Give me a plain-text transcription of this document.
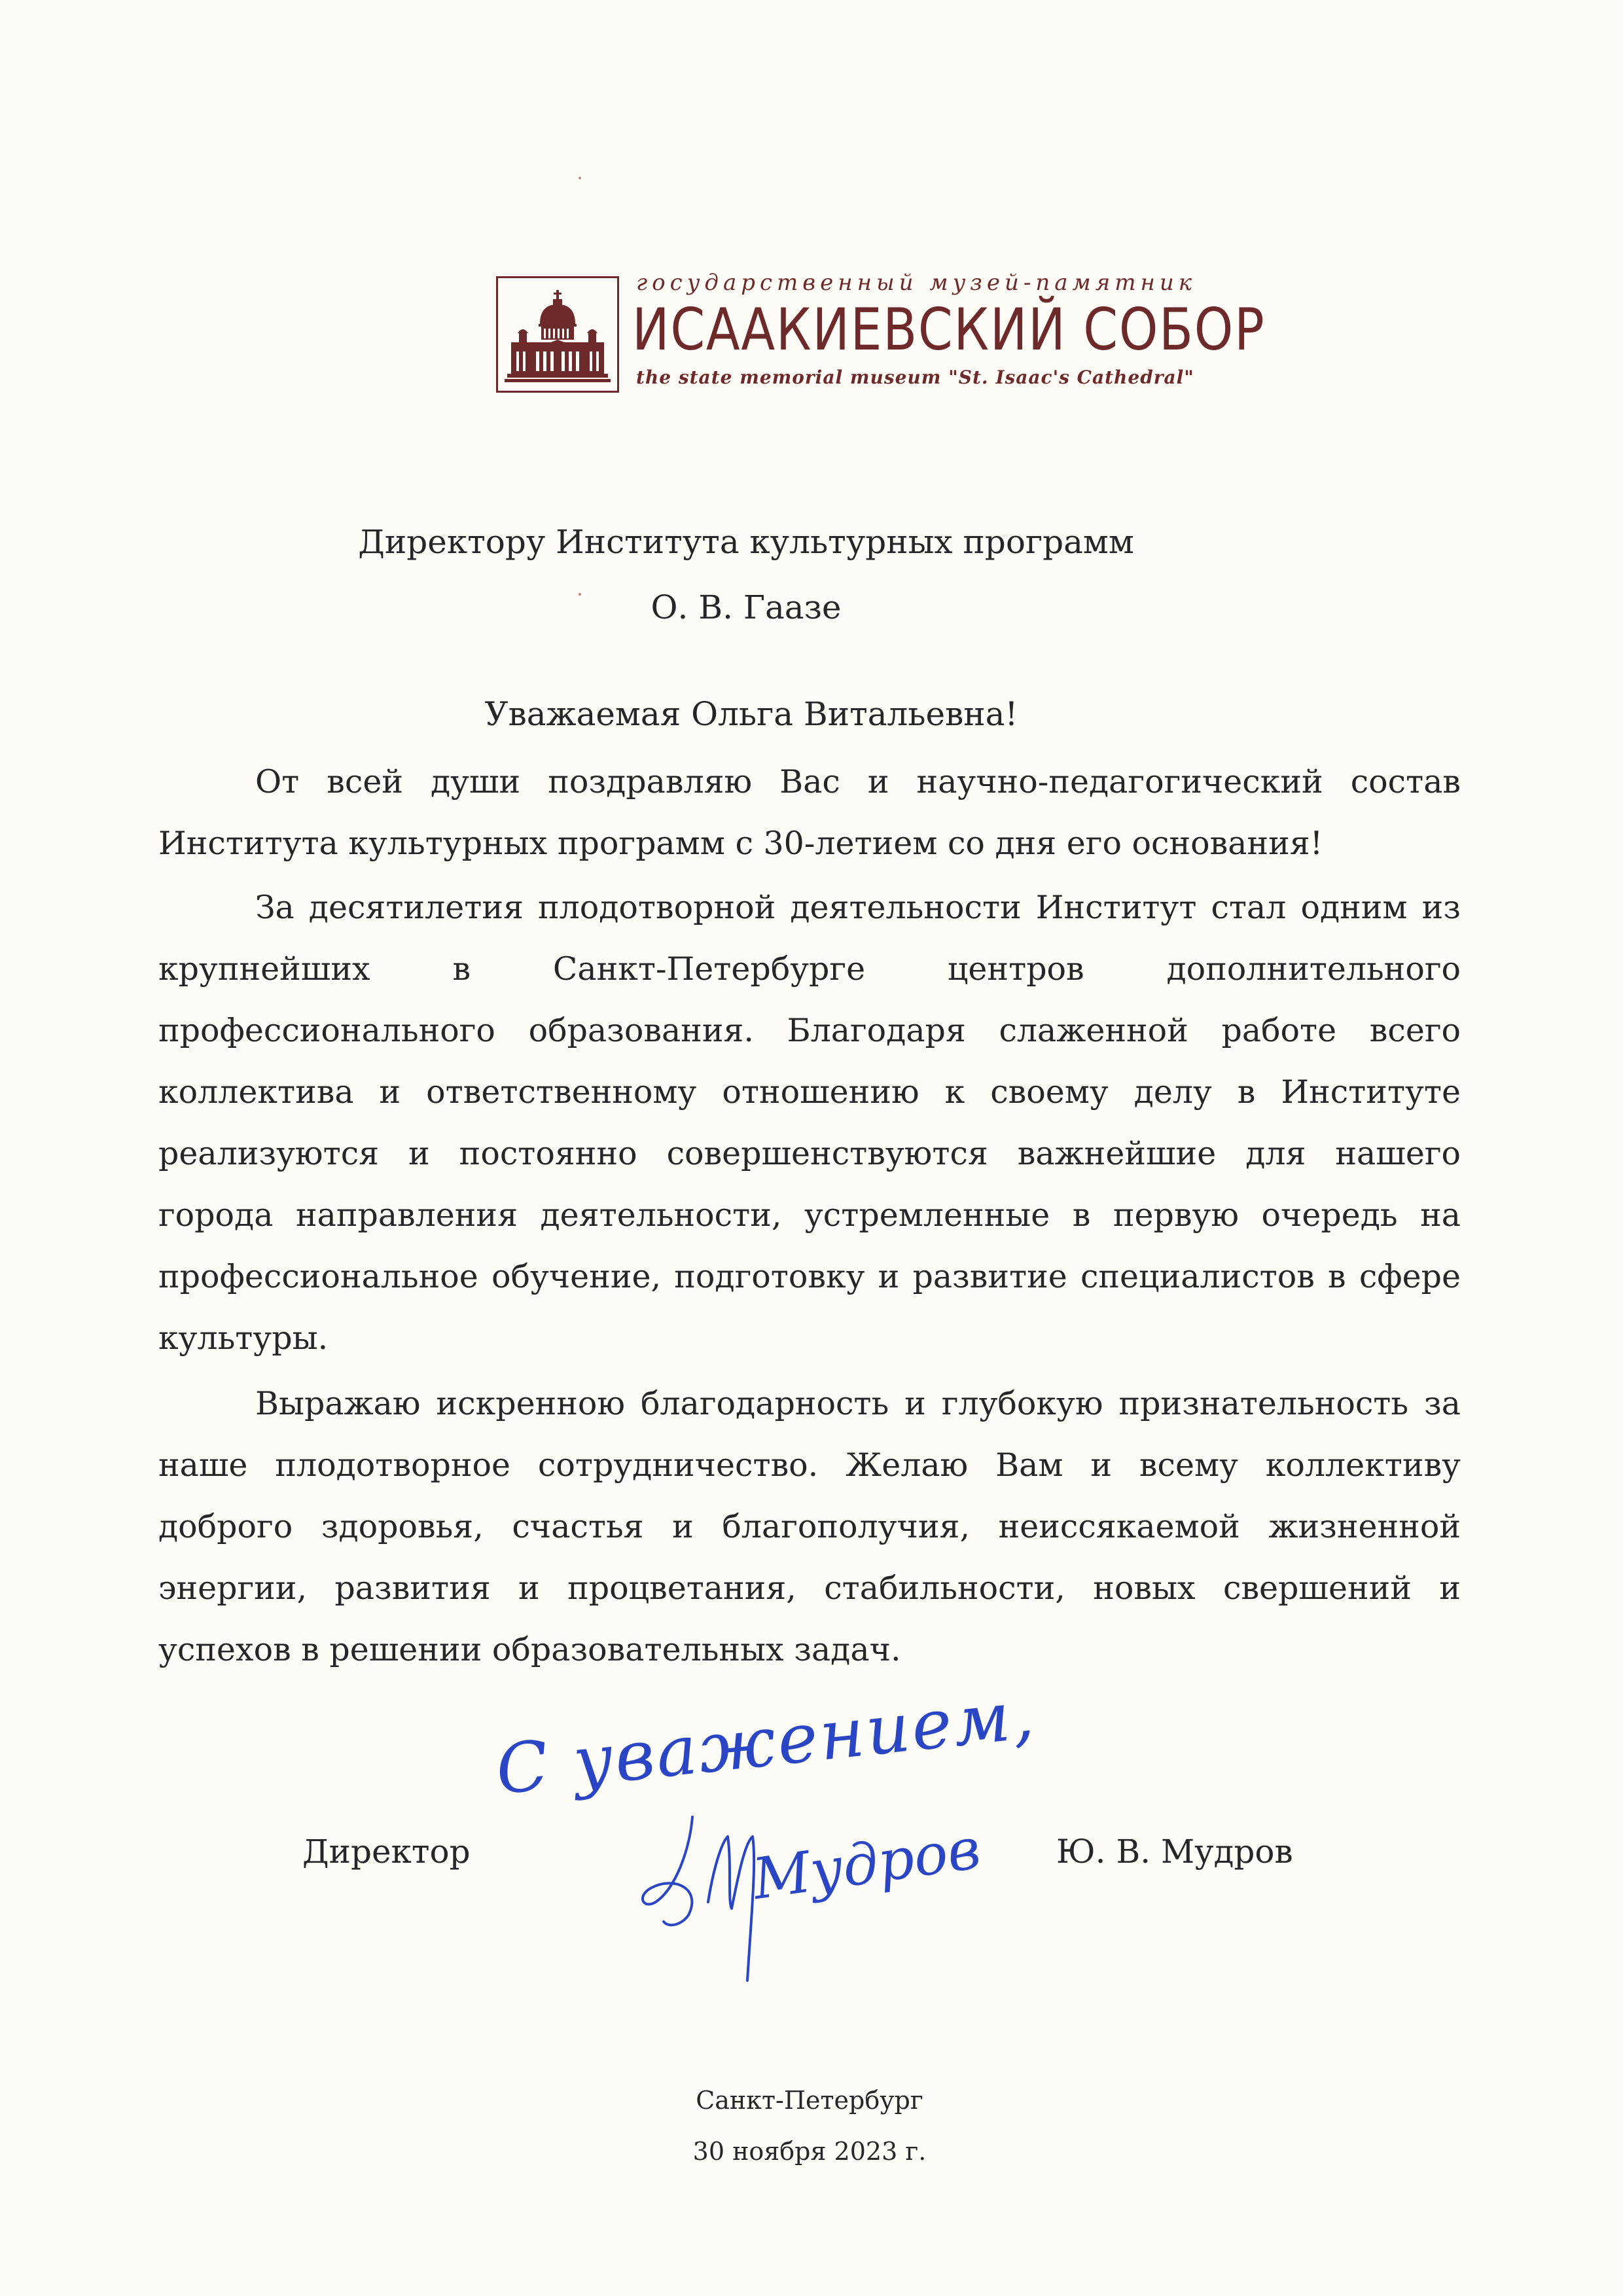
государственный музей-памятник
ИСААКИЕВСКИЙ СОБОР
the state memorial museum "St. Isaac's Cathedral"
Директору Института культурных программ
О. В. Гаазе
Уважаемая Ольга Витальевна!

От всей души поздравляю Вас и научно-педагогический состав Института культурных программ с 30-летием со дня его основания!

За десятилетия плодотворной деятельности Институт стал одним из крупнейших в Санкт-Петербурге центров дополнительного профессионального образования. Благодаря слаженной работе всего коллектива и ответственному отношению к своему делу в Институте реализуются и постоянно совершенствуются важнейшие для нашего города направления деятельности, устремленные в первую очередь на профессиональное обучение, подготовку и развитие специалистов в сфере культуры.

Выражаю искренною благодарность и глубокую признательность за наше плодотворное сотрудничество. Желаю Вам и всему коллективу доброго здоровья, счастья и благополучия, неиссякаемой жизненной энергии, развития и процветания, стабильности, новых свершений и успехов в решении образовательных задач.

С уважением,
Мудров
Директор	Ю. В. Мудров
Санкт-Петербург
30 ноября 2023 г.
